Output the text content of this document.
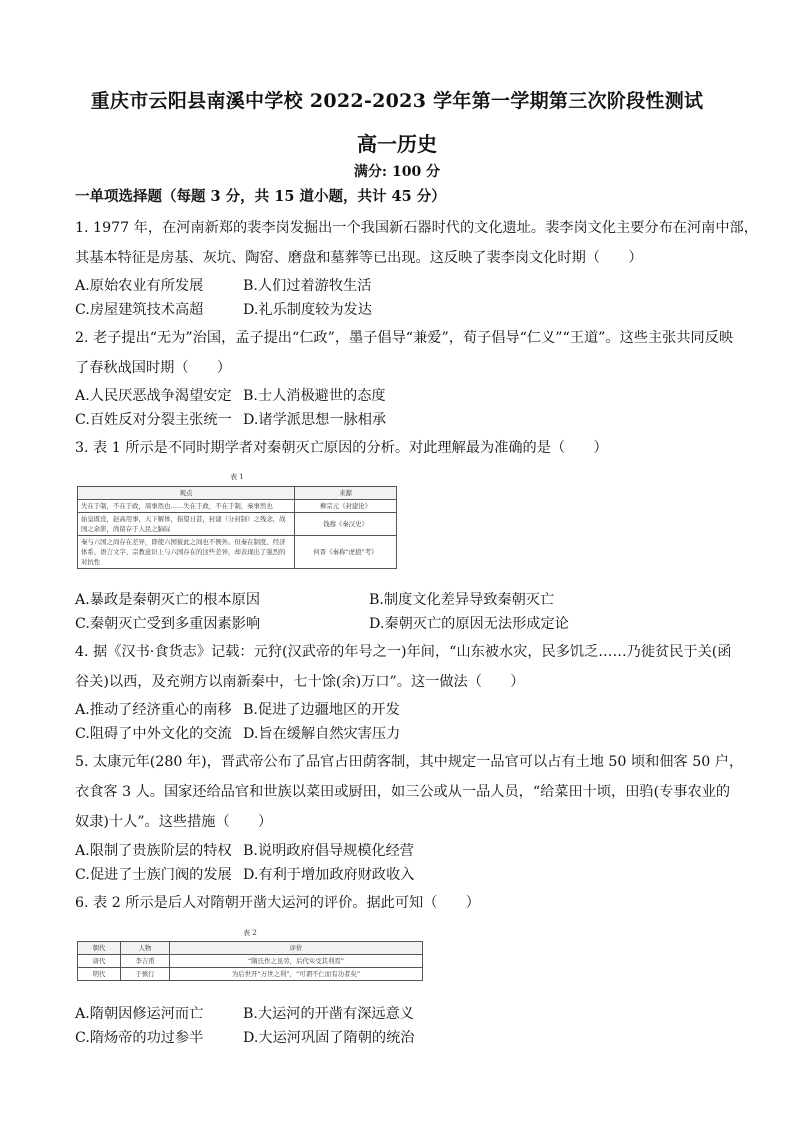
重庆市云阳县南溪中学校 2022-2023 学年第一学期第三次阶段性测试
高一历史
满分: 100 分
一单项选择题（每题 3 分，共 15 道小题，共计 45 分）
1. 1977 年，在河南新郑的裴李岗发掘出一个我国新石器时代的文化遗址。裴李岗文化主要分布在河南中部，
其基本特征是房基、灰坑、陶窑、磨盘和墓葬等已出现。这反映了裴李岗文化时期（　　）
A.原始农业有所发展	B.人们过着游牧生活
C.房屋建筑技术高超	D.礼乐制度较为发达
2. 老子提出“无为”治国，孟子提出“仁政”，墨子倡导“兼爱”，荀子倡导“仁义”“王道”。这些主张共同反映
了春秋战国时期（　　）
A.人民厌恶战争渴望安定 B.士人消极避世的态度
C.百姓反对分裂主张统一 D.诸学派思想一脉相承
3. 表 1 所示是不同时期学者对秦朝灭亡原因的分析。对此理解最为准确的是（　　）
表 1
观点	来源
失在于制，不在于政，周事然也……失在于政，不在于制，秦事然也	柳宗元《封建论》
始皇既没，赵高用事，天下解体，指望日甚，封建（分封制）之残念，战国之余影，尚留存于人民之脑际	钱穆《秦汉史》
秦与六国之间存在差异，即使六国彼此之间也不例外。但秦在制度、经济体系、语言文字、宗教意识上与六国存在的这些差异，却表现出了强烈的对抗性	何晋《秦称“虎狼”考》
A.暴政是秦朝灭亡的根本原因	B.制度文化差异导致秦朝灭亡
C.秦朝灭亡受到多重因素影响	D.秦朝灭亡的原因无法形成定论
4. 据《汉书·食货志》记载：元狩(汉武帝的年号之一)年间，“山东被水灾，民多饥乏……乃徙贫民于关(函
谷关)以西，及充朔方以南新秦中，七十馀(余)万口”。这一做法（　　）
A.推动了经济重心的南移 B.促进了边疆地区的开发
C.阻碍了中外文化的交流 D.旨在缓解自然灾害压力
5. 太康元年(280 年)，晋武帝公布了品官占田荫客制，其中规定一品官可以占有土地 50 顷和佃客 50 户，
衣食客 3 人。国家还给品官和世族以菜田或厨田，如三公或从一品人员，“给菜田十顷，田驺(专事农业的
奴隶)十人”。这些措施（　　）
A.限制了贵族阶层的特权 B.说明政府倡导规模化经营
C.促进了士族门阀的发展 D.有利于增加政府财政收入
6. 表 2 所示是后人对隋朝开凿大运河的评价。据此可知（　　）
表 2
朝代	人物	评价
唐代	李吉甫	“隋氏作之虽劳，后代实受其利焉”
明代	于慎行	为后世开“万世之利”，“可谓不仁而有功者矣”
A.隋朝因修运河而亡	B.大运河的开凿有深远意义
C.隋炀帝的功过参半	D.大运河巩固了隋朝的统治
